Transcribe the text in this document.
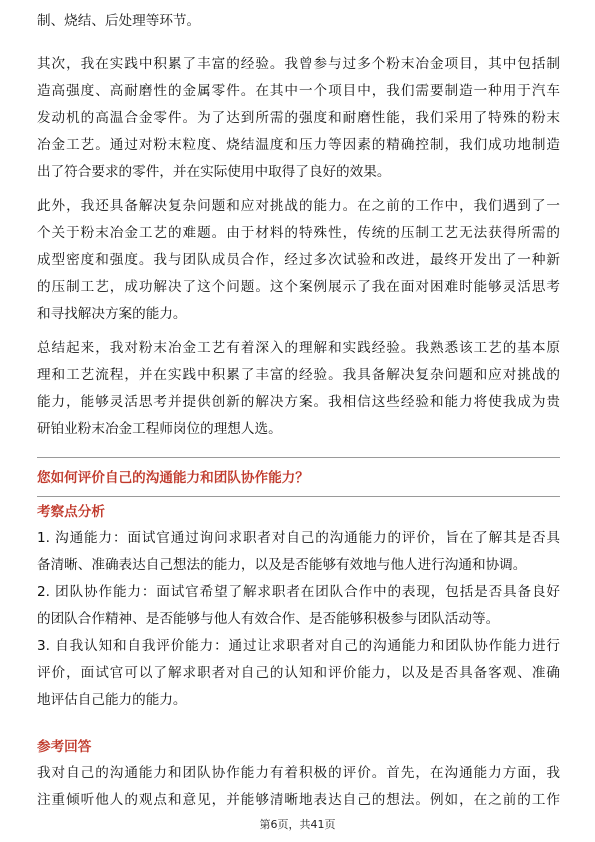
制、烧结、后处理等环节。
其次，我在实践中积累了丰富的经验。我曾参与过多个粉末冶金项目，其中包括制
造高强度、高耐磨性的金属零件。在其中一个项目中，我们需要制造一种用于汽车
发动机的高温合金零件。为了达到所需的强度和耐磨性能，我们采用了特殊的粉末
冶金工艺。通过对粉末粒度、烧结温度和压力等因素的精确控制，我们成功地制造
出了符合要求的零件，并在实际使用中取得了良好的效果。
此外，我还具备解决复杂问题和应对挑战的能力。在之前的工作中，我们遇到了一
个关于粉末冶金工艺的难题。由于材料的特殊性，传统的压制工艺无法获得所需的
成型密度和强度。我与团队成员合作，经过多次试验和改进，最终开发出了一种新
的压制工艺，成功解决了这个问题。这个案例展示了我在面对困难时能够灵活思考
和寻找解决方案的能力。
总结起来，我对粉末冶金工艺有着深入的理解和实践经验。我熟悉该工艺的基本原
理和工艺流程，并在实践中积累了丰富的经验。我具备解决复杂问题和应对挑战的
能力，能够灵活思考并提供创新的解决方案。我相信这些经验和能力将使我成为贵
研铂业粉末冶金工程师岗位的理想人选。
您如何评价自己的沟通能力和团队协作能力？
考察点分析
1. 沟通能力：面试官通过询问求职者对自己的沟通能力的评价，旨在了解其是否具
备清晰、准确表达自己想法的能力，以及是否能够有效地与他人进行沟通和协调。
2. 团队协作能力：面试官希望了解求职者在团队合作中的表现，包括是否具备良好
的团队合作精神、是否能够与他人有效合作、是否能够积极参与团队活动等。
3. 自我认知和自我评价能力：通过让求职者对自己的沟通能力和团队协作能力进行
评价，面试官可以了解求职者对自己的认知和评价能力，以及是否具备客观、准确
地评估自己能力的能力。
参考回答
我对自己的沟通能力和团队协作能力有着积极的评价。首先，在沟通能力方面，我
注重倾听他人的观点和意见，并能够清晰地表达自己的想法。例如，在之前的工作
第6页，共41页
